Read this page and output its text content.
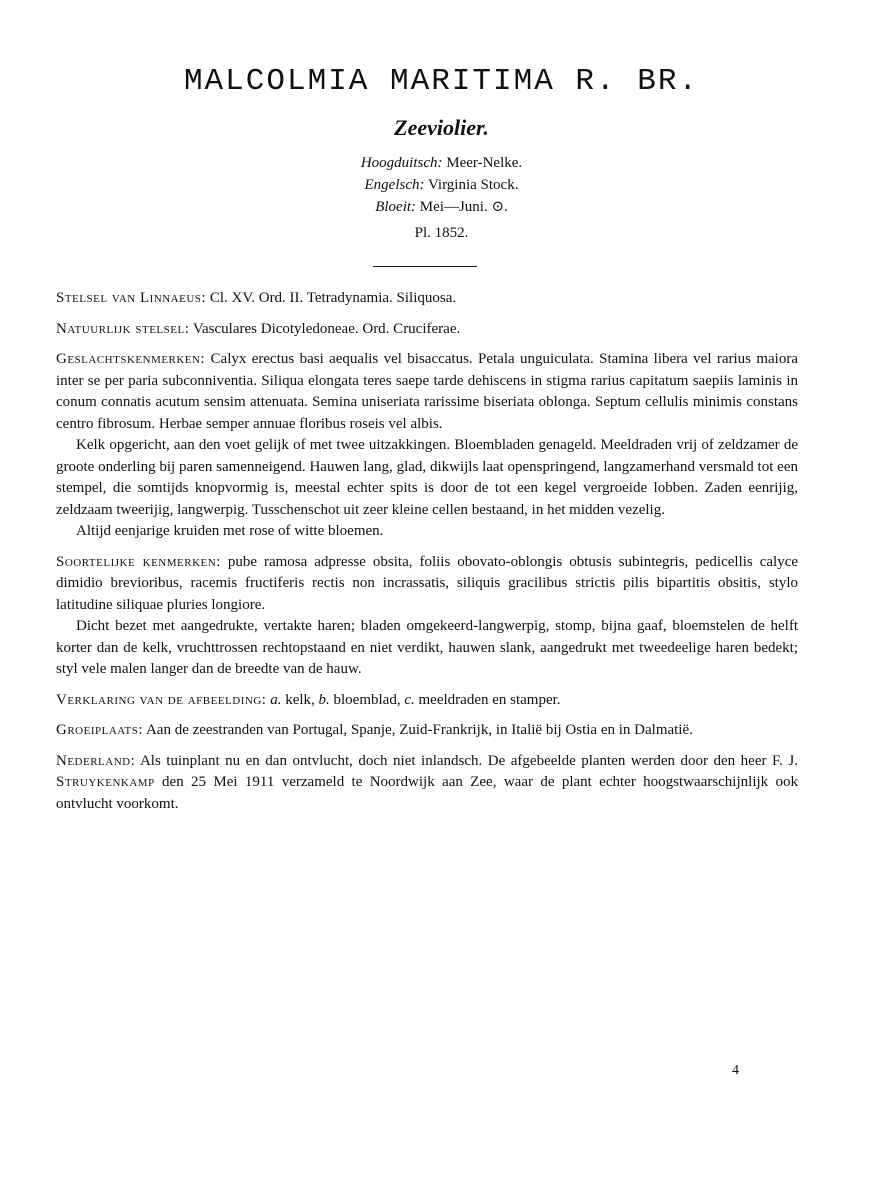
MALCOLMIA MARITIMA R. BR.
Zeeviolier.
Hoogduitsch: Meer-Nelke.
Engelsch: Virginia Stock.
Bloeit: Mei—Juni. ⊙.
Pl. 1852.

Stelsel van Linnaeus: Cl. XV. Ord. II. Tetradynamia. Siliquosa.

Natuurlijk stelsel: Vasculares Dicotyledoneae. Ord. Cruciferae.

Geslachtskenmerken: Calyx erectus basi aequalis vel bisaccatus. Petala unguiculata. Stamina libera vel rarius maiora inter se per paria subconniventia. Siliqua elongata teres saepe tarde dehiscens in stigma rarius capitatum saepiis laminis in conum connatis acutum sensim attenuata. Semina uniseriata rarissime biseriata oblonga. Septum cellulis minimis constans centro fibrosum. Herbae semper annuae floribus roseis vel albis.

Kelk opgericht, aan den voet gelijk of met twee uitzakkingen. Bloembladen genageld. Meeldraden vrij of zeldzamer de groote onderling bij paren samenneigend. Hauwen lang, glad, dikwijls laat openspringend, langzamerhand versmald tot een stempel, die somtijds knopvormig is, meestal echter spits is door de tot een kegel vergroeide lobben. Zaden eenrijig, zeldzaam tweerijig, langwerpig. Tusschenschot uit zeer kleine cellen bestaand, in het midden vezelig.

Altijd eenjarige kruiden met rose of witte bloemen.

Soortelijke kenmerken: pube ramosa adpresse obsita, foliis obovato-oblongis obtusis subintegris, pedicellis calyce dimidio brevioribus, racemis fructiferis rectis non incrassatis, siliquis gracilibus strictis pilis bipartitis obsitis, stylo latitudine siliquae pluries longiore.

Dicht bezet met aangedrukte, vertakte haren; bladen omgekeerd-langwerpig, stomp, bijna gaaf, bloemstelen de helft korter dan de kelk, vruchttrossen rechtopstaand en niet verdikt, hauwen slank, aangedrukt met tweedeelige haren bedekt; styl vele malen langer dan de breedte van de hauw.

Verklaring van de afbeelding: a. kelk, b. bloemblad, c. meeldraden en stamper.

Groeiplaats: Aan de zeestranden van Portugal, Spanje, Zuid-Frankrijk, in Italië bij Ostia en in Dalmatië.

Nederland: Als tuinplant nu en dan ontvlucht, doch niet inlandsch. De afgebeelde planten werden door den heer F. J. Struykenkamp den 25 Mei 1911 verzameld te Noordwijk aan Zee, waar de plant echter hoogstwaarschijnlijk ook ontvlucht voorkomt.

4
